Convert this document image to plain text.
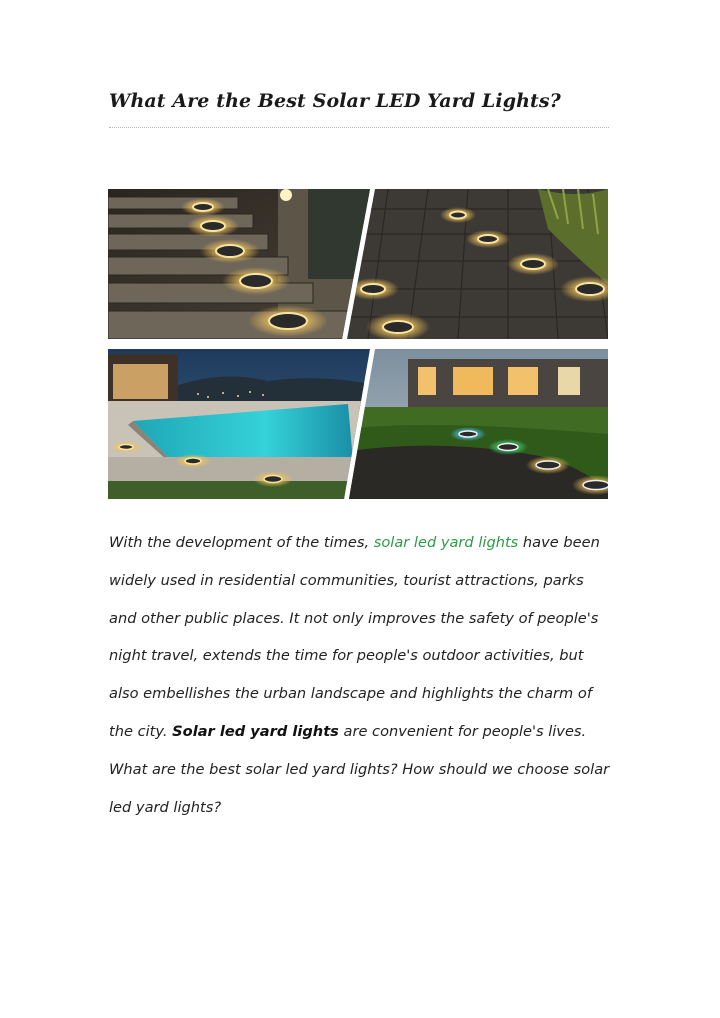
What Are the Best Solar LED Yard Lights?

With the development of the times, solar led yard lights have been widely used in residential communities, tourist attractions, parks and other public places. It not only improves the safety of people's night travel, extends the time for people's outdoor activities, but also embellishes the urban landscape and highlights the charm of the city. Solar led yard lights are convenient for people's lives. What are the best solar led yard lights? How should we choose solar led yard lights?
